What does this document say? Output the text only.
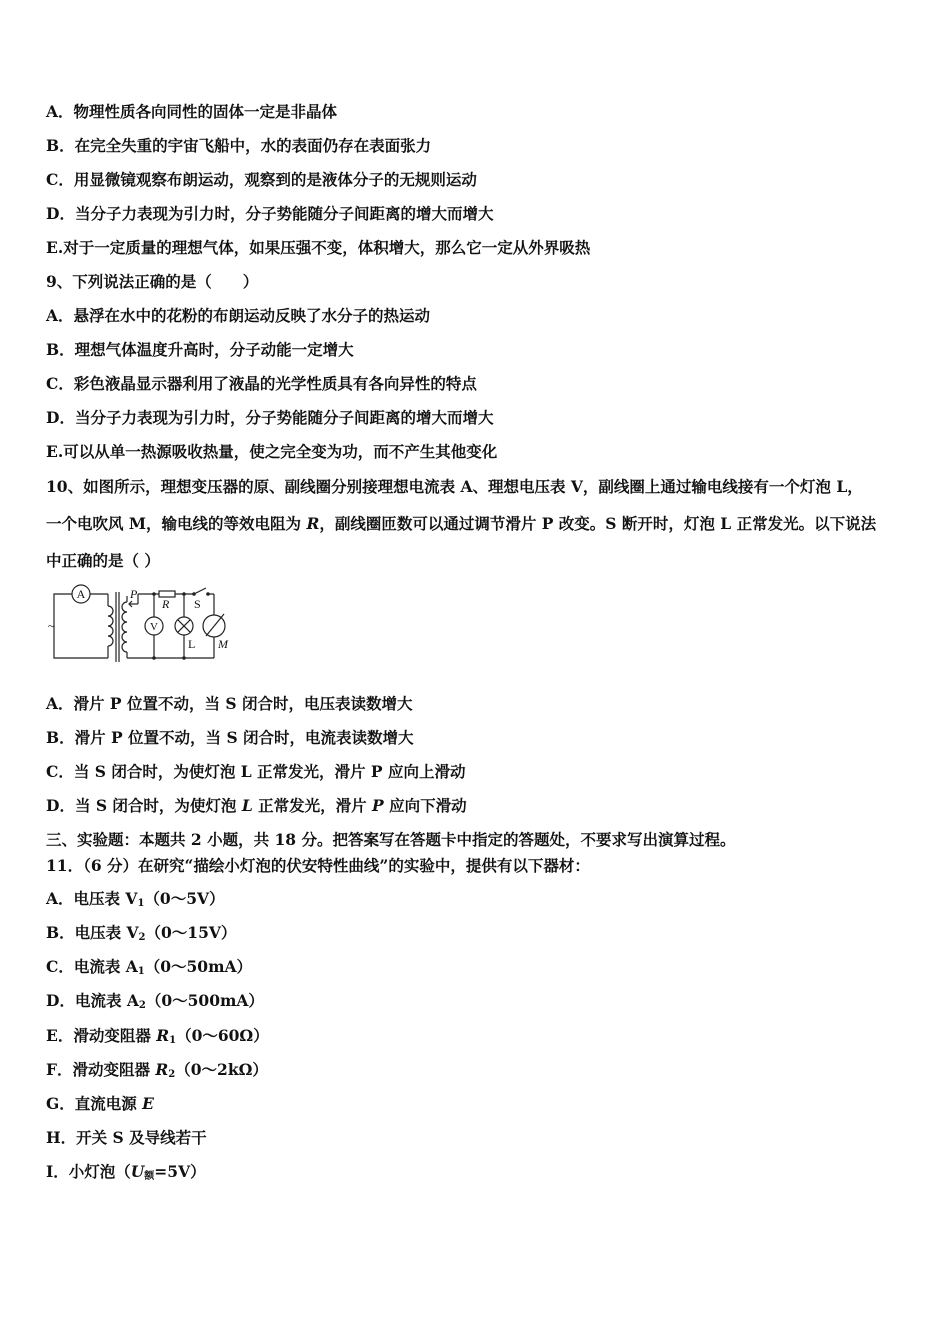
A．物理性质各向同性的固体一定是非晶体
B．在完全失重的宇宙飞船中，水的表面仍存在表面张力
C．用显微镜观察布朗运动，观察到的是液体分子的无规则运动
D．当分子力表现为引力时，分子势能随分子间距离的增大而增大
E.对于一定质量的理想气体，如果压强不变，体积增大，那么它一定从外界吸热
9、下列说法正确的是（　　）
A．悬浮在水中的花粉的布朗运动反映了水分子的热运动
B．理想气体温度升高时，分子动能一定增大
C．彩色液晶显示器利用了液晶的光学性质具有各向异性的特点
D．当分子力表现为引力时，分子势能随分子间距离的增大而增大
E.可以从单一热源吸收热量，使之完全变为功，而不产生其他变化
10、如图所示，理想变压器的原、副线圈分别接理想电流表 A、理想电压表 V，副线圈上通过输电线接有一个灯泡 L，
一个电吹风 M，输电线的等效电阻为 R，副线圈匝数可以通过调节滑片 P 改变。S 断开时，灯泡 L 正常发光。以下说法
中正确的是（ ）
A
~	V
P
R S
L M
A．滑片 P 位置不动，当 S 闭合时，电压表读数增大
B．滑片 P 位置不动，当 S 闭合时，电流表读数增大
C．当 S 闭合时，为使灯泡 L 正常发光，滑片 P 应向上滑动
D．当 S 闭合时，为使灯泡 L 正常发光，滑片 P 应向下滑动
三、实验题：本题共 2 小题，共 18 分。把答案写在答题卡中指定的答题处，不要求写出演算过程。
11．（6 分）在研究“描绘小灯泡的伏安特性曲线”的实验中，提供有以下器材：
A．电压表 $V_1(0\sim 5V)$
B．电压表 $V_2(0\sim 15V)$
C．电流表 $A_1(0\sim 50mA)$
D．电流表 $A_2(0\sim 500mA)$
E．滑动变阻器 $R_1(0\sim 60\Omega)$
F．滑动变阻器 $R_2(0\sim 2k\Omega)$
G．直流电源 E
H．开关 S 及导线若干
I．小灯泡$(U_额=5V)$
